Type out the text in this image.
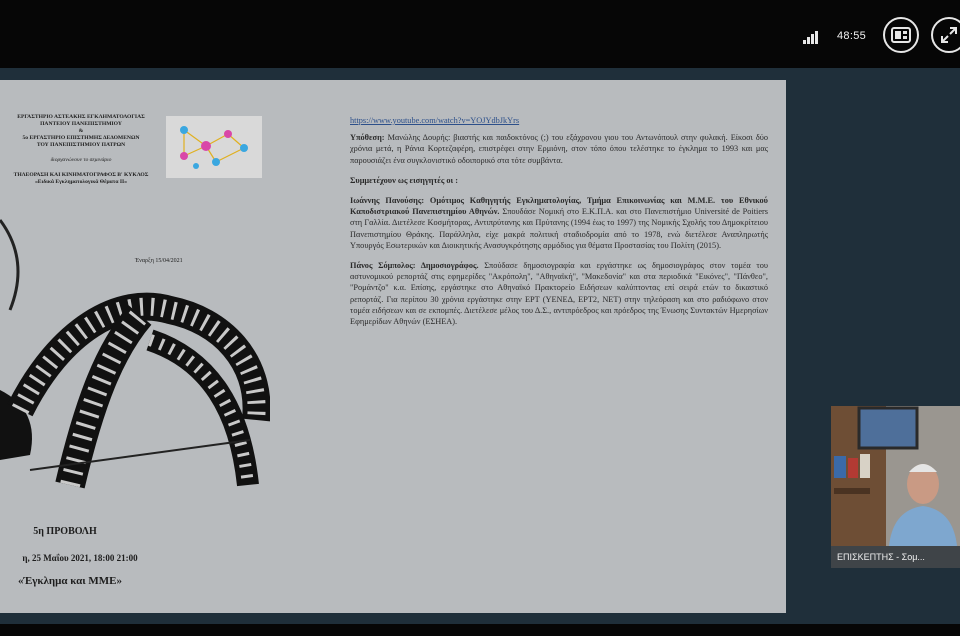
48:55
ΕΡΓΑΣΤΗΡΙΟ ΑΣΤΕΑΚΗΣ ΕΓΚΛΗΜΑΤΟΛΟΓΙΑΣ
ΠΑΝΤΕΙΟΥ ΠΑΝΕΠΙΣΤΗΜΙΟΥ
&
5ο ΕΡΓΑΣΤΗΡΙΟ ΕΠΙΣΤΗΜΗΣ ΔΕΔΟΜΕΝΩΝ
ΤΟΥ ΠΑΝΕΠΙΣΤΗΜΙΟΥ ΠΑΤΡΩΝ
διοργανώνουν το σεμινάριο
ΤΗΛΕΟΡΑΣΗ ΚΑΙ ΚΙΝΗΜΑΤΟΓΡΑΦΟΣ Β' ΚΥΚΛΟΣ
«Ειδικά Εγκληματολογικά Θέματα II»
Έναρξη 15/04/2021
5η ΠΡΟΒΟΛΗ
η, 25 Μαΐου 2021, 18:00 21:00
«Έγκλημα και ΜΜΕ»
https://www.youtube.com/watch?v=YOJYdbJkYrs

Υπόθεση: Μανώλης Δουρής: βιαστής και παιδοκτόνος (;) του εξάχρονου γιου του Αντωνόπουλ στην φυλακή. Είκοσι δύο χρόνια μετά, η Ράνια Κορτεζαφέρη, επιστρέφει στην Ερμιόνη, στον τόπο όπου τελέστηκε το έγκλημα το 1993 και μας παρουσιάζει ένα συγκλονιστικό οδοιπορικό στα τότε συμβάντα.

Συμμετέχουν ως εισηγητές οι :

Ιωάννης Πανούσης: Ομότιμος Καθηγητής Εγκληματολογίας, Τμήμα Επικοινωνίας και Μ.Μ.Ε. του Εθνικού Καποδιστριακού Πανεπιστημίου Αθηνών. Σπουδάσε Νομική στο Ε.Κ.Π.Α. και στο Πανεπιστήμιο Université de Poitiers στη Γαλλία. Διετέλεσε Κοσμήτορας, Αντιπρύτανης και Πρύτανης (1994 έως το 1997) της Νομικής Σχολής του Δημοκρίτειου Πανεπιστημίου Θράκης. Παράλληλα, είχε μακρά πολιτική σταδιοδρομία από το 1978, ενώ διετέλεσε Αναπληρωτής Υπουργός Εσωτερικών και Διοικητικής Ανασυγκρότησης αρμόδιος για θέματα Προστασίας του Πολίτη (2015).

Πάνος Σόμπολος: Δημοσιογράφος. Σπούδασε δημοσιογραφία και εργάστηκε ως δημοσιογράφος στον τομέα του αστυνομικού ρεπορτάζ στις εφημερίδες "Ακρόπολη", "Αθηναϊκή", "Μακεδονία" και στα περιοδικά "Εικόνες", "Πάνθεο", "Ρομάντζο" κ.α. Επίσης, εργάστηκε στο Αθηναϊκό Πρακτορείο Ειδήσεων καλύπτοντας επί σειρά ετών το δικαστικό ρεπορτάζ. Για περίπου 30 χρόνια εργάστηκε στην ΕΡΤ (ΥΕΝΕΔ, ΕΡΤ2, ΝΕΤ) στην τηλεόραση και στο ραδιόφωνο στον τομέα ειδήσεων και σε εκπομπές. Διετέλεσε μέλος του Δ.Σ., αντιπρόεδρος και πρόεδρος της Ένωσης Συντακτών Ημερησίων Εφημερίδων Αθηνών (ΕΣΗΕΑ).

ΕΠΙΣΚΕΠΤΗΣ - Σομ...
